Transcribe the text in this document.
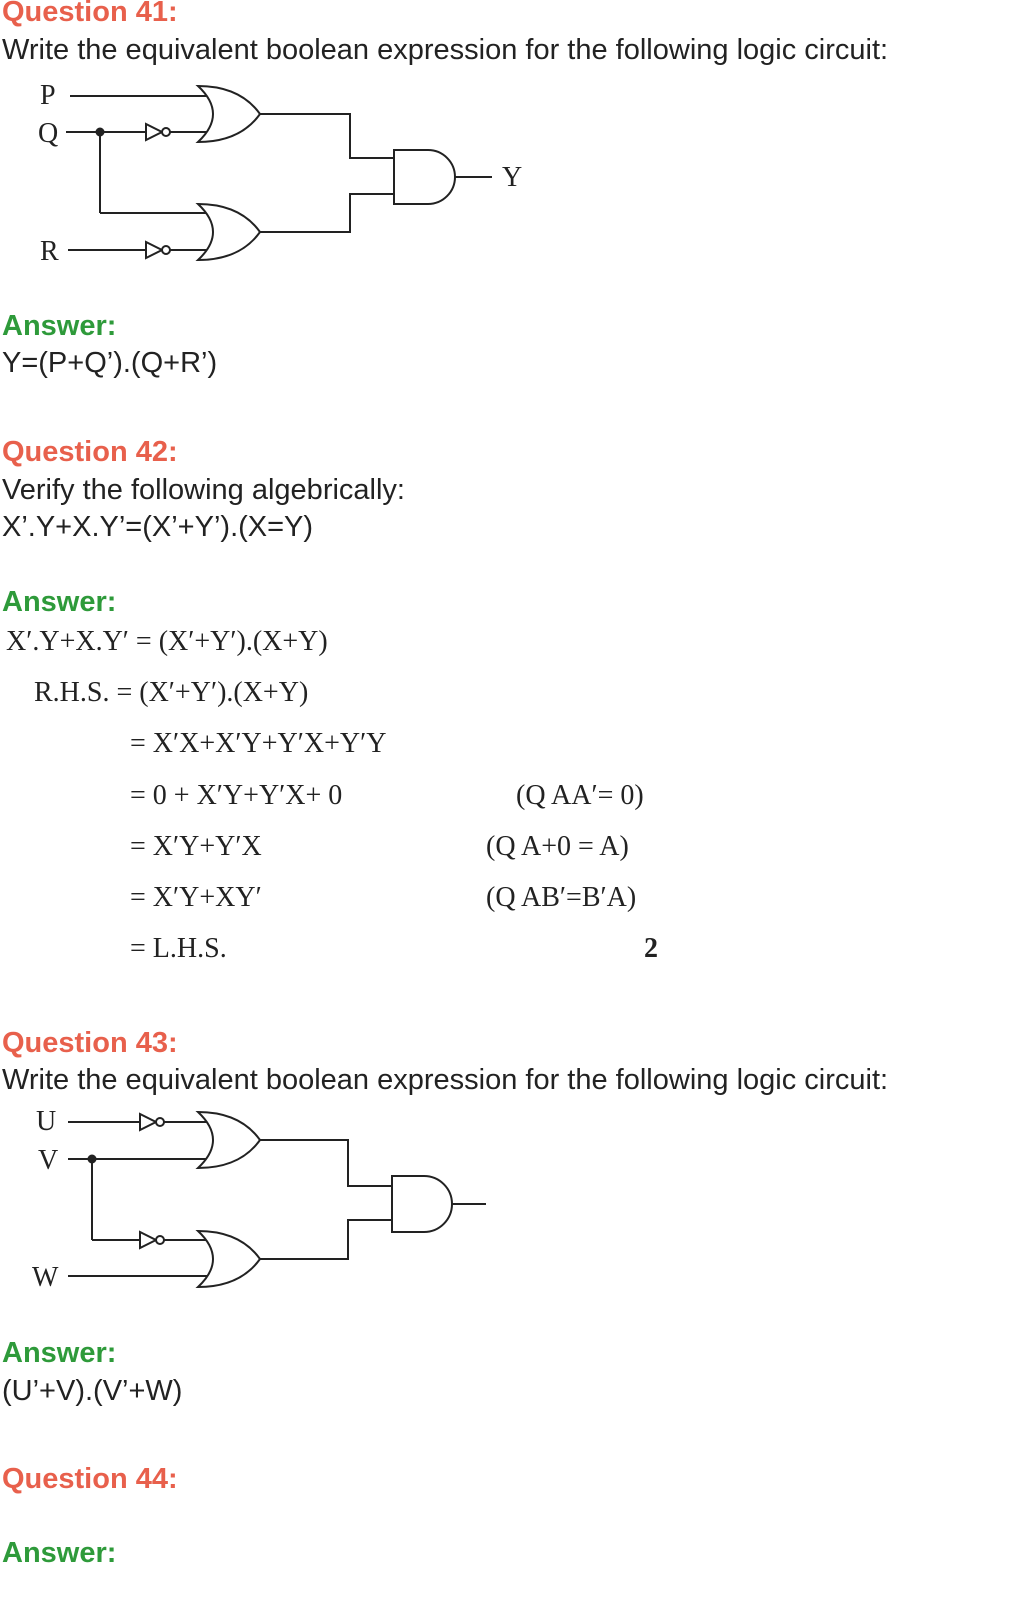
Question 41:

Write the equivalent boolean expression for the following logic circuit:

P
Q
R
Y

Answer:

Y=(P+Q’).(Q+R’)

Question 42:

Verify the following algebrically:

X’.Y+X.Y’=(X’+Y’).(X=Y)

Answer:

X′.Y+X.Y′ = (X′+Y′).(X+Y)

R.H.S. = (X′+Y′).(X+Y)

= X′X+X′Y+Y′X+Y′Y

= 0 + X′Y+Y′X+ 0	(Q AA′= 0)

= X′Y+Y′X	(Q A+0 = A)

= X′Y+XY′	(Q AB′=B′A)

= L.H.S.	2

Question 43:

Write the equivalent boolean expression for the following logic circuit:

U
V
W

Answer:

(U’+V).(V’+W)

Question 44:

Answer:
